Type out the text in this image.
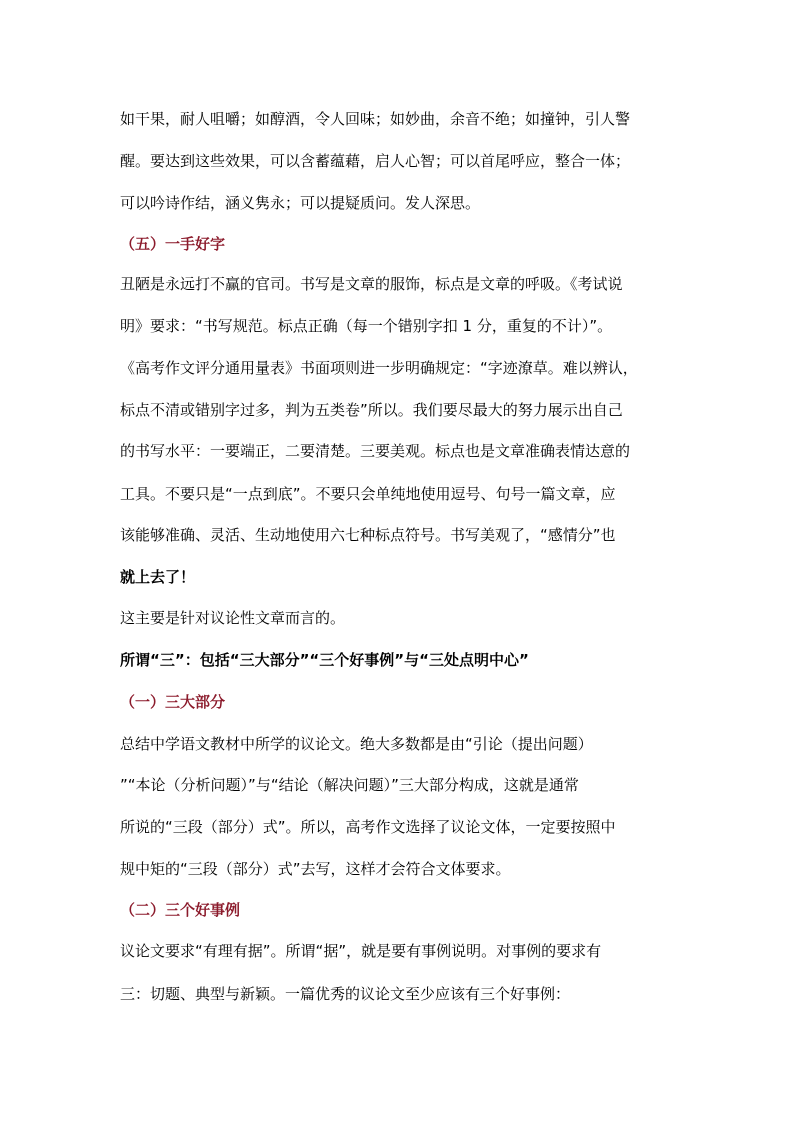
如干果，耐人咀嚼；如醇酒，令人回味；如妙曲，余音不绝；如撞钟，引人警
醒。要达到这些效果，可以含蓄蕴藉，启人心智；可以首尾呼应，整合一体；
可以吟诗作结，涵义隽永；可以提疑质问。发人深思。
（五）一手好字
丑陋是永远打不赢的官司。书写是文章的服饰，标点是文章的呼吸。《考试说
明》要求：“书写规范。标点正确（每一个错别字扣 1 分，重复的不计）”。
《高考作文评分通用量表》书面项则进一步明确规定：“字迹潦草。难以辨认，
标点不清或错别字过多，判为五类卷”所以。我们要尽最大的努力展示出自己
的书写水平：一要端正，二要清楚。三要美观。标点也是文章准确表情达意的
工具。不要只是“一点到底”。不要只会单纯地使用逗号、句号一篇文章，应
该能够准确、灵活、生动地使用六七种标点符号。书写美观了，“感情分”也
就上去了！
这主要是针对议论性文章而言的。
所谓“三”：包括“三大部分”“三个好事例”与“三处点明中心”
（一）三大部分
总结中学语文教材中所学的议论文。绝大多数都是由“引论（提出问题）
”“本论（分析问题）”与“结论（解决问题）”三大部分构成，这就是通常
所说的“三段（部分）式”。所以，高考作文选择了议论文体，一定要按照中
规中矩的“三段（部分）式”去写，这样才会符合文体要求。
（二）三个好事例
议论文要求“有理有据”。所谓“据”，就是要有事例说明。对事例的要求有
三：切题、典型与新颖。一篇优秀的议论文至少应该有三个好事例：
